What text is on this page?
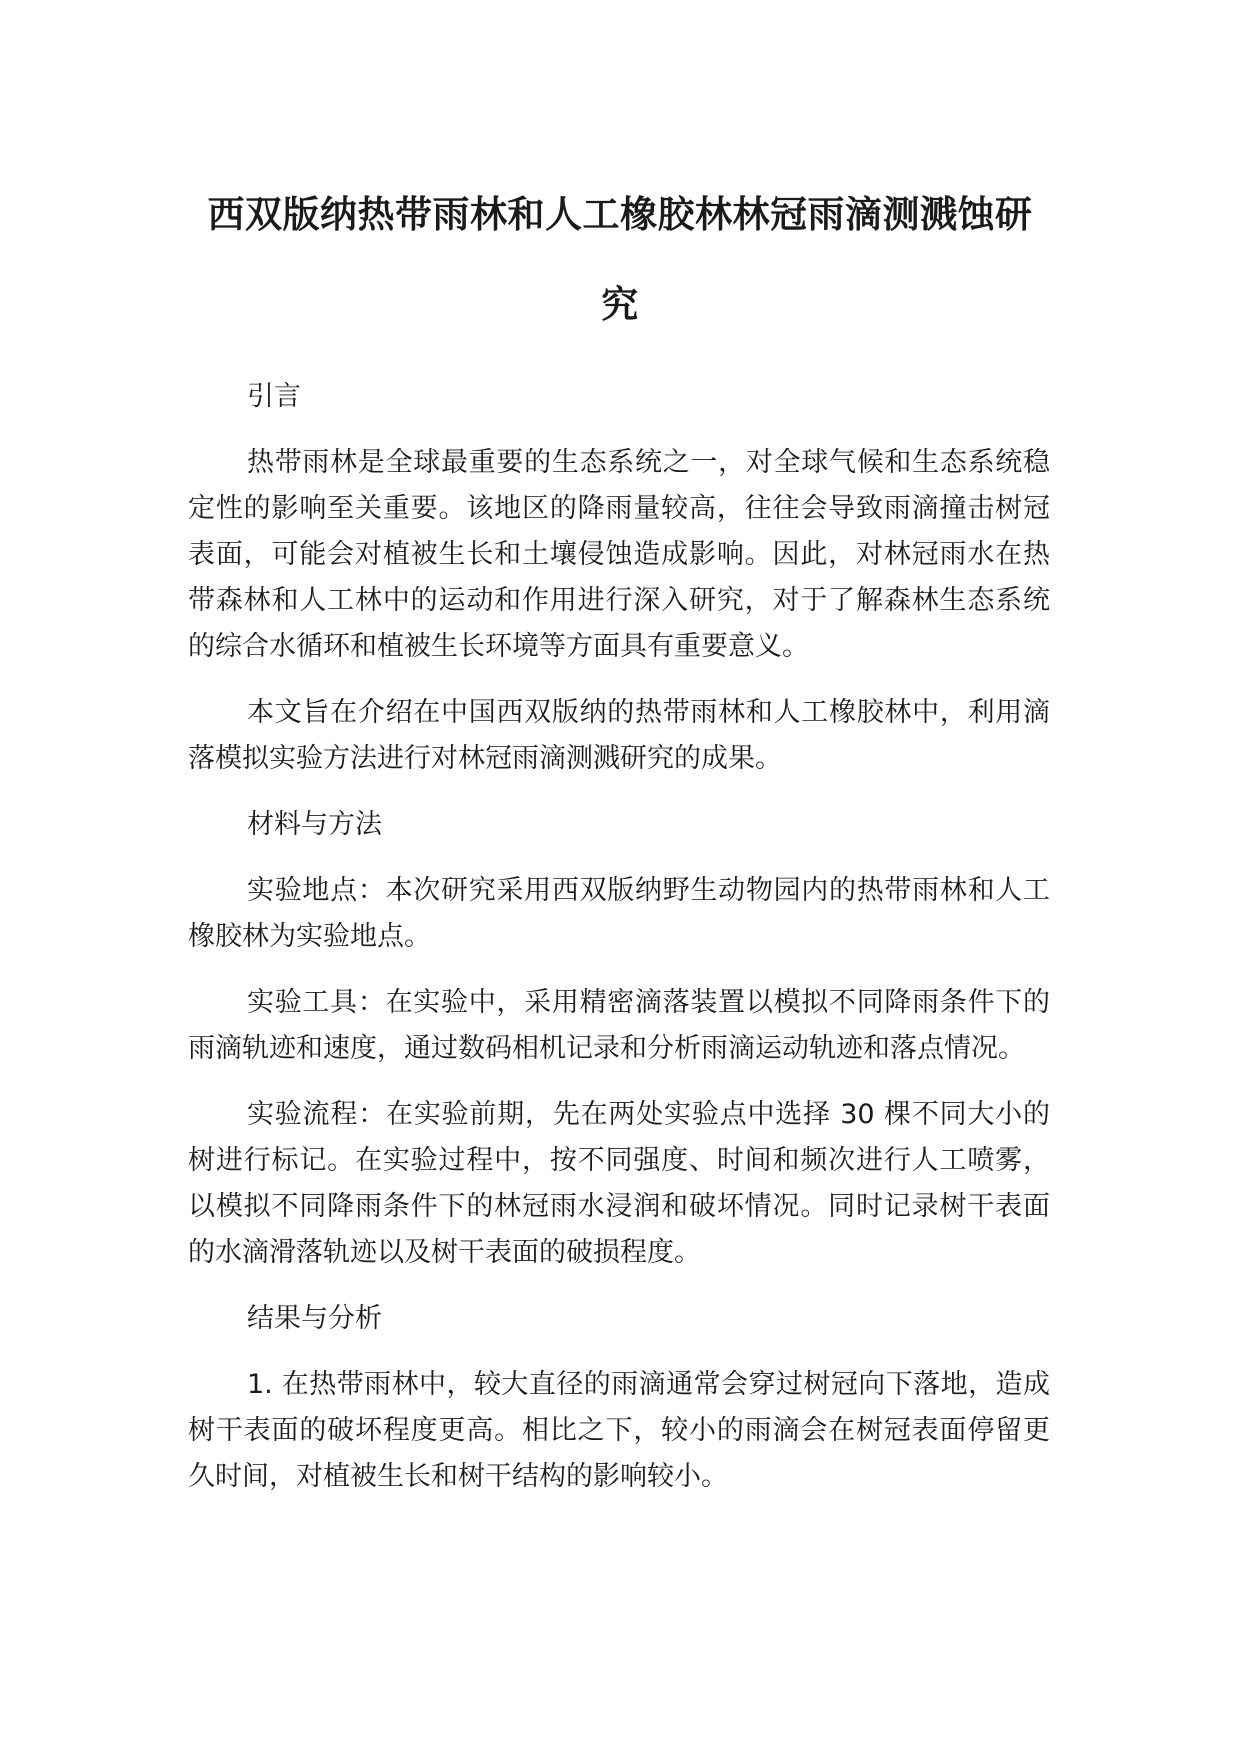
西双版纳热带雨林和人工橡胶林林冠雨滴测溅蚀研究

引言

热带雨林是全球最重要的生态系统之一，对全球气候和生态系统稳定性的影响至关重要。该地区的降雨量较高，往往会导致雨滴撞击树冠表面，可能会对植被生长和土壤侵蚀造成影响。因此，对林冠雨水在热带森林和人工林中的运动和作用进行深入研究，对于了解森林生态系统的综合水循环和植被生长环境等方面具有重要意义。

本文旨在介绍在中国西双版纳的热带雨林和人工橡胶林中，利用滴落模拟实验方法进行对林冠雨滴测溅研究的成果。

材料与方法

实验地点：本次研究采用西双版纳野生动物园内的热带雨林和人工橡胶林为实验地点。

实验工具：在实验中，采用精密滴落装置以模拟不同降雨条件下的雨滴轨迹和速度，通过数码相机记录和分析雨滴运动轨迹和落点情况。

实验流程：在实验前期，先在两处实验点中选择 30 棵不同大小的树进行标记。在实验过程中，按不同强度、时间和频次进行人工喷雾，以模拟不同降雨条件下的林冠雨水浸润和破坏情况。同时记录树干表面的水滴滑落轨迹以及树干表面的破损程度。

结果与分析

1. 在热带雨林中，较大直径的雨滴通常会穿过树冠向下落地，造成树干表面的破坏程度更高。相比之下，较小的雨滴会在树冠表面停留更久时间，对植被生长和树干结构的影响较小。
